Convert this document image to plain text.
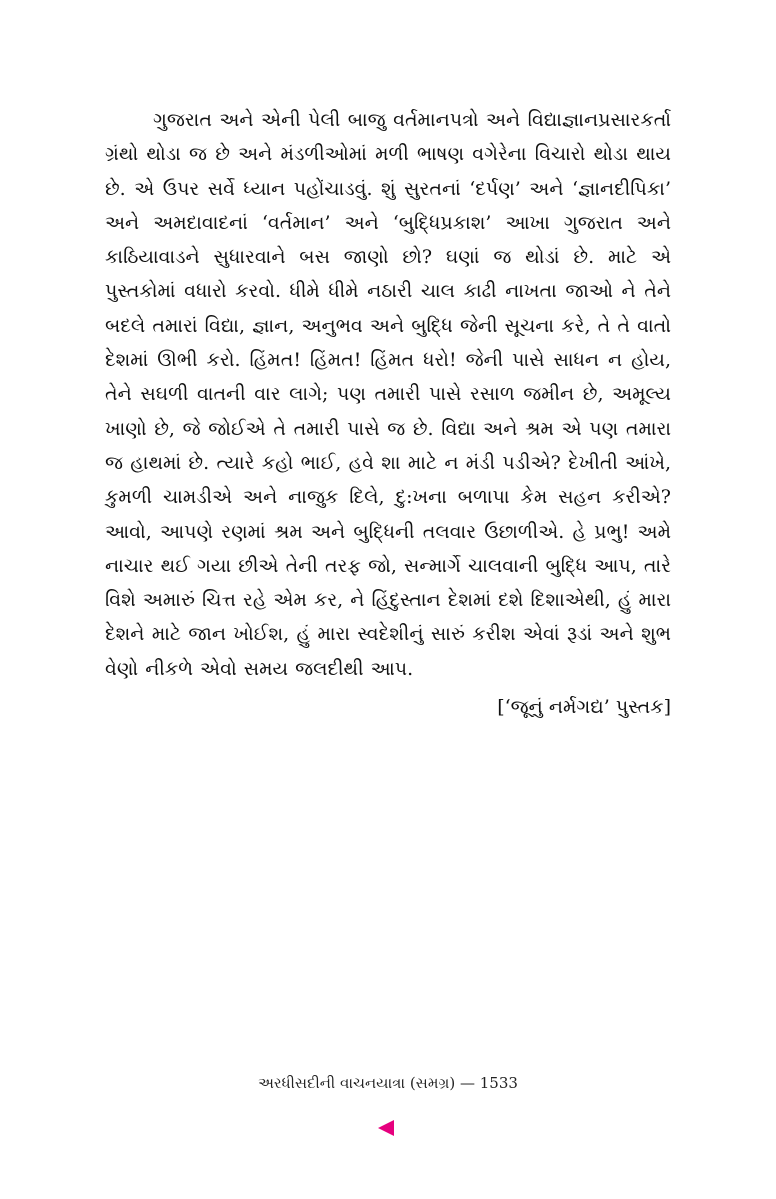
ગુજરાત અને એની પેલી બાજુ વર્તમાનપત્રો અને વિદ્યાજ્ઞાનપ્રસારકર્તા ગ્રંથો થોડા જ છે અને મંડળીઓમાં મળી ભાષણ વગેરેના વિચારો થોડા થાય છે. એ ઉપર સર્વે ધ્યાન પહોંચાડવું. શું સુરતનાં ‘દર્પણ’ અને ‘જ્ઞાનદીપિકા’ અને અમદાવાદનાં ‘વર્તમાન’ અને ‘બુદ્ધિપ્રકાશ’ આખા ગુજરાત અને કાઠિયાવાડને સુધારવાને બસ જાણો છો? ઘણાં જ થોડાં છે. માટે એ પુસ્તકોમાં વધારો કરવો. ધીમે ધીમે નઠારી ચાલ કાઢી નાખતા જાઓ ને તેને બદલે તમારાં વિદ્યા, જ્ઞાન, અનુભવ અને બુદ્ધિ જેની સૂચના કરે, તે તે વાતો દેશમાં ઊભી કરો. હિંમત! હિંમત! હિંમત ધરો! જેની પાસે સાધન ન હોય, તેને સઘળી વાતની વાર લાગે; પણ તમારી પાસે રસાળ જમીન છે, અમૂલ્ય ખાણો છે, જે જોઈએ તે તમારી પાસે જ છે. વિદ્યા અને શ્રમ એ પણ તમારા જ હાથમાં છે. ત્યારે કહો ભાઈ, હવે શા માટે ન મંડી પડીએ? દેખીતી આંખે, કુમળી ચામડીએ અને નાજુક દિલે, દુ:ખના બળાપા કેમ સહન કરીએ? આવો, આપણે રણમાં શ્રમ અને બુદ્ધિની તલવાર ઉછાળીએ. હે પ્રભુ! અમે નાચાર થઈ ગયા છીએ તેની તરફ જો, સન્માર્ગે ચાલવાની બુદ્ધિ આપ, તારે વિશે અમારું ચિત્ત રહે એમ કર, ને હિંદુસ્તાન દેશમાં દશે દિશાએથી, હું મારા દેશને માટે જાન ખોઈશ, હું મારા સ્વદેશીનું સારું કરીશ એવાં રૂડાં અને શુભ વેણો નીકળે એવો સમય જલદીથી આપ.

[‘જૂનું નર્મગદ્ય’ પુસ્તક]

અરધીસદીની વાચનયાત્રા (સમગ્ર) — 1533
